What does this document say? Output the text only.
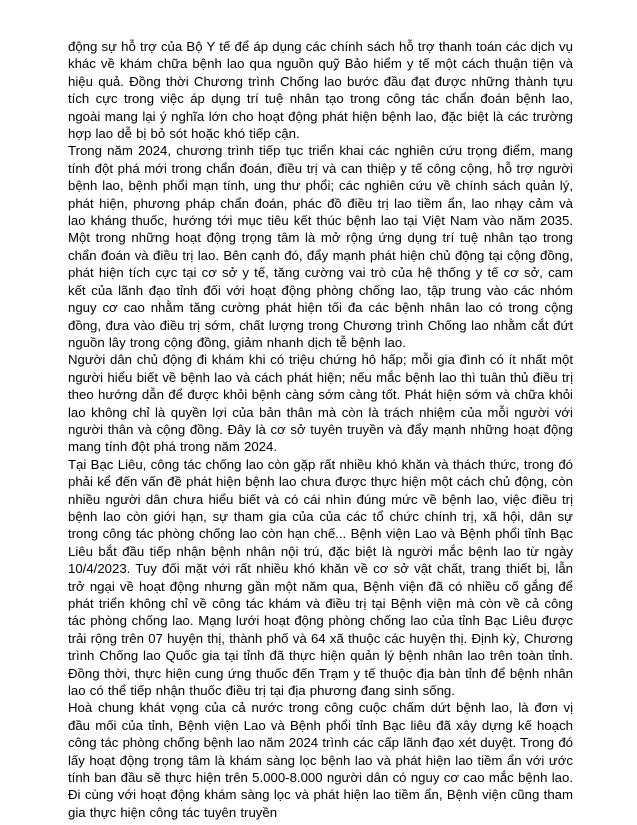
động sự hỗ trợ của Bộ Y tế để áp dụng các chính sách hỗ trợ thanh toán các dịch vụ khác về khám chữa bệnh lao qua nguồn quỹ Bảo hiểm y tế một cách thuận tiện và hiệu quả. Đồng thời Chương trình Chống lao bước đầu đạt được những thành tựu tích cực trong việc áp dụng trí tuệ nhân tạo trong công tác chẩn đoán bệnh lao, ngoài mang lại ý nghĩa lớn cho hoạt động phát hiện bệnh lao, đặc biệt là các trường hợp lao dễ bị bỏ sót hoặc khó tiếp cận.

Trong năm 2024, chương trình tiếp tục triển khai các nghiên cứu trọng điểm, mang tính đột phá mới trong chẩn đoán, điều trị và can thiệp y tế công cộng, hỗ trợ người bệnh lao, bệnh phổi mạn tính, ung thư phổi; các nghiên cứu về chính sách quản lý, phát hiện, phương pháp chẩn đoán, phác đồ điều trị lao tiềm ẩn, lao nhạy cảm và lao kháng thuốc, hướng tới mục tiêu kết thúc bệnh lao tại Việt Nam vào năm 2035. Một trong những hoạt động trọng tâm là mở rộng ứng dụng trí tuệ nhân tạo trong chẩn đoán và điều trị lao. Bên cạnh đó, đẩy mạnh phát hiện chủ động tại cộng đồng, phát hiện tích cực tại cơ sở y tế, tăng cường vai trò của hệ thống y tế cơ sở, cam kết của lãnh đạo tỉnh đối với hoạt động phòng chống lao, tập trung vào các nhóm nguy cơ cao nhằm tăng cường phát hiện tối đa các bệnh nhân lao có trong cộng đồng, đưa vào điều trị sớm, chất lượng trong Chương trình Chống lao nhằm cắt đứt nguồn lây trong cộng đồng, giảm nhanh dịch tễ bệnh lao.

Người dân chủ động đi khám khi có triệu chứng hô hấp; mỗi gia đình có ít nhất một người hiểu biết về bệnh lao và cách phát hiện; nếu mắc bệnh lao thì tuân thủ điều trị theo hướng dẫn để được khỏi bệnh càng sớm càng tốt. Phát hiện sớm và chữa khỏi lao không chỉ là quyền lợi của bản thân mà còn là trách nhiệm của mỗi người với người thân và cộng đồng. Đây là cơ sở tuyên truyền và đẩy mạnh những hoạt động mang tính đột phá trong năm 2024.

Tại Bạc Liêu, công tác chống lao còn gặp rất nhiều khó khăn và thách thức, trong đó phải kể đến vấn đề phát hiện bệnh lao chưa được thực hiện một cách chủ động, còn nhiều người dân chưa hiểu biết và có cái nhìn đúng mức về bệnh lao, việc điều trị bệnh lao còn giới hạn, sự tham gia của của các tổ chức chính trị, xã hội, dân sự trong công tác phòng chống lao còn hạn chế... Bệnh viện Lao và Bệnh phổi tỉnh Bạc Liêu bắt đầu tiếp nhận bệnh nhân nội trú, đặc biệt là người mắc bệnh lao từ ngày 10/4/2023. Tuy đối mặt với rất nhiều khó khăn về cơ sở vật chất, trang thiết bị, lẫn trở ngại về hoạt động nhưng gần một năm qua, Bệnh viện đã có nhiều cố gắng để phát triển không chỉ về công tác khám và điều trị tại Bệnh viện mà còn về cả công tác phòng chống lao. Mạng lưới hoạt động phòng chống lao của tỉnh Bạc Liêu được trải rộng trên 07 huyện thị, thành phố và 64 xã thuộc các huyện thị. Định kỳ, Chương trình Chống lao Quốc gia tại tỉnh đã thực hiện quản lý bệnh nhân lao trên toàn tỉnh. Đồng thời, thực hiện cung ứng thuốc đến Trạm y tế thuộc địa bàn tỉnh để bệnh nhân lao có thể tiếp nhận thuốc điều trị tại địa phương đang sinh sống.

Hoà chung khát vọng của cả nước trong công cuộc chấm dứt bệnh lao, là đơn vị đầu mối của tỉnh, Bệnh viện Lao và Bệnh phổi tỉnh Bạc liêu đã xây dựng kế hoạch công tác phòng chống bệnh lao năm 2024 trình các cấp lãnh đạo xét duyệt. Trong đó lấy hoạt động trọng tâm là khám sàng lọc bệnh lao và phát hiện lao tiềm ẩn với ước tính ban đầu sẽ thực hiện trên 5.000-8.000 người dân có nguy cơ cao mắc bệnh lao. Đi cùng với hoạt động khám sàng lọc và phát hiện lao tiềm ẩn, Bệnh viện cũng tham gia thực hiện công tác tuyên truyền
